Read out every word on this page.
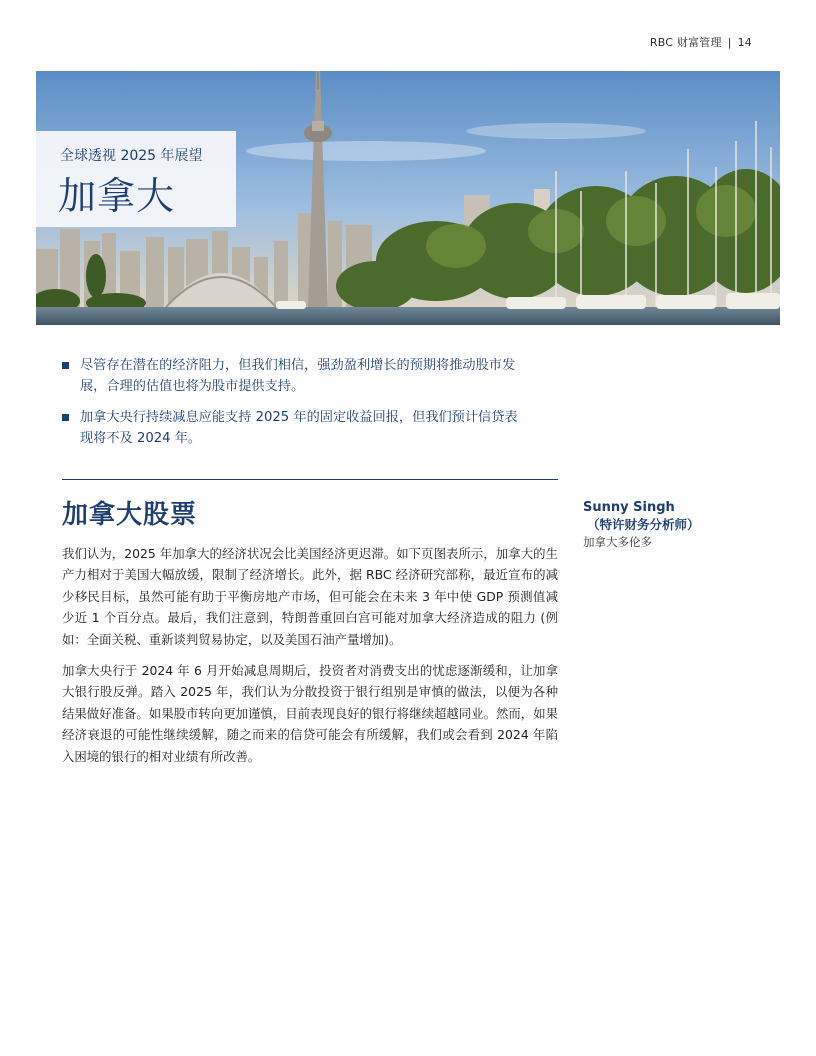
RBC 财富管理 | 14
全球透视 2025 年展望
加拿大
尽管存在潜在的经济阻力，但我们相信，强劲盈利增长的预期将推动股市发展，合理的估值也将为股市提供支持。
加拿大央行持续减息应能支持 2025 年的固定收益回报，但我们预计信贷表现将不及 2024 年。
加拿大股票

我们认为，2025 年加拿大的经济状况会比美国经济更迟滞。如下页图表所示，加拿大的生产力相对于美国大幅放缓，限制了经济增长。此外，据 RBC 经济研究部称，最近宣布的减少移民目标，虽然可能有助于平衡房地产市场，但可能会在未来 3 年中使 GDP 预测值减少近 1 个百分点。最后，我们注意到，特朗普重回白宫可能对加拿大经济造成的阻力 (例如：全面关税、重新谈判贸易协定，以及美国石油产量增加)。

加拿大央行于 2024 年 6 月开始减息周期后，投资者对消费支出的忧虑逐渐缓和，让加拿大银行股反弹。踏入 2025 年，我们认为分散投资于银行组别是审慎的做法，以便为各种结果做好准备。如果股市转向更加谨慎，目前表现良好的银行将继续超越同业。然而，如果经济衰退的可能性继续缓解，随之而来的信贷可能会有所缓解，我们或会看到 2024 年陷入困境的银行的相对业绩有所改善。

Sunny Singh
（特许财务分析师）
加拿大多伦多
